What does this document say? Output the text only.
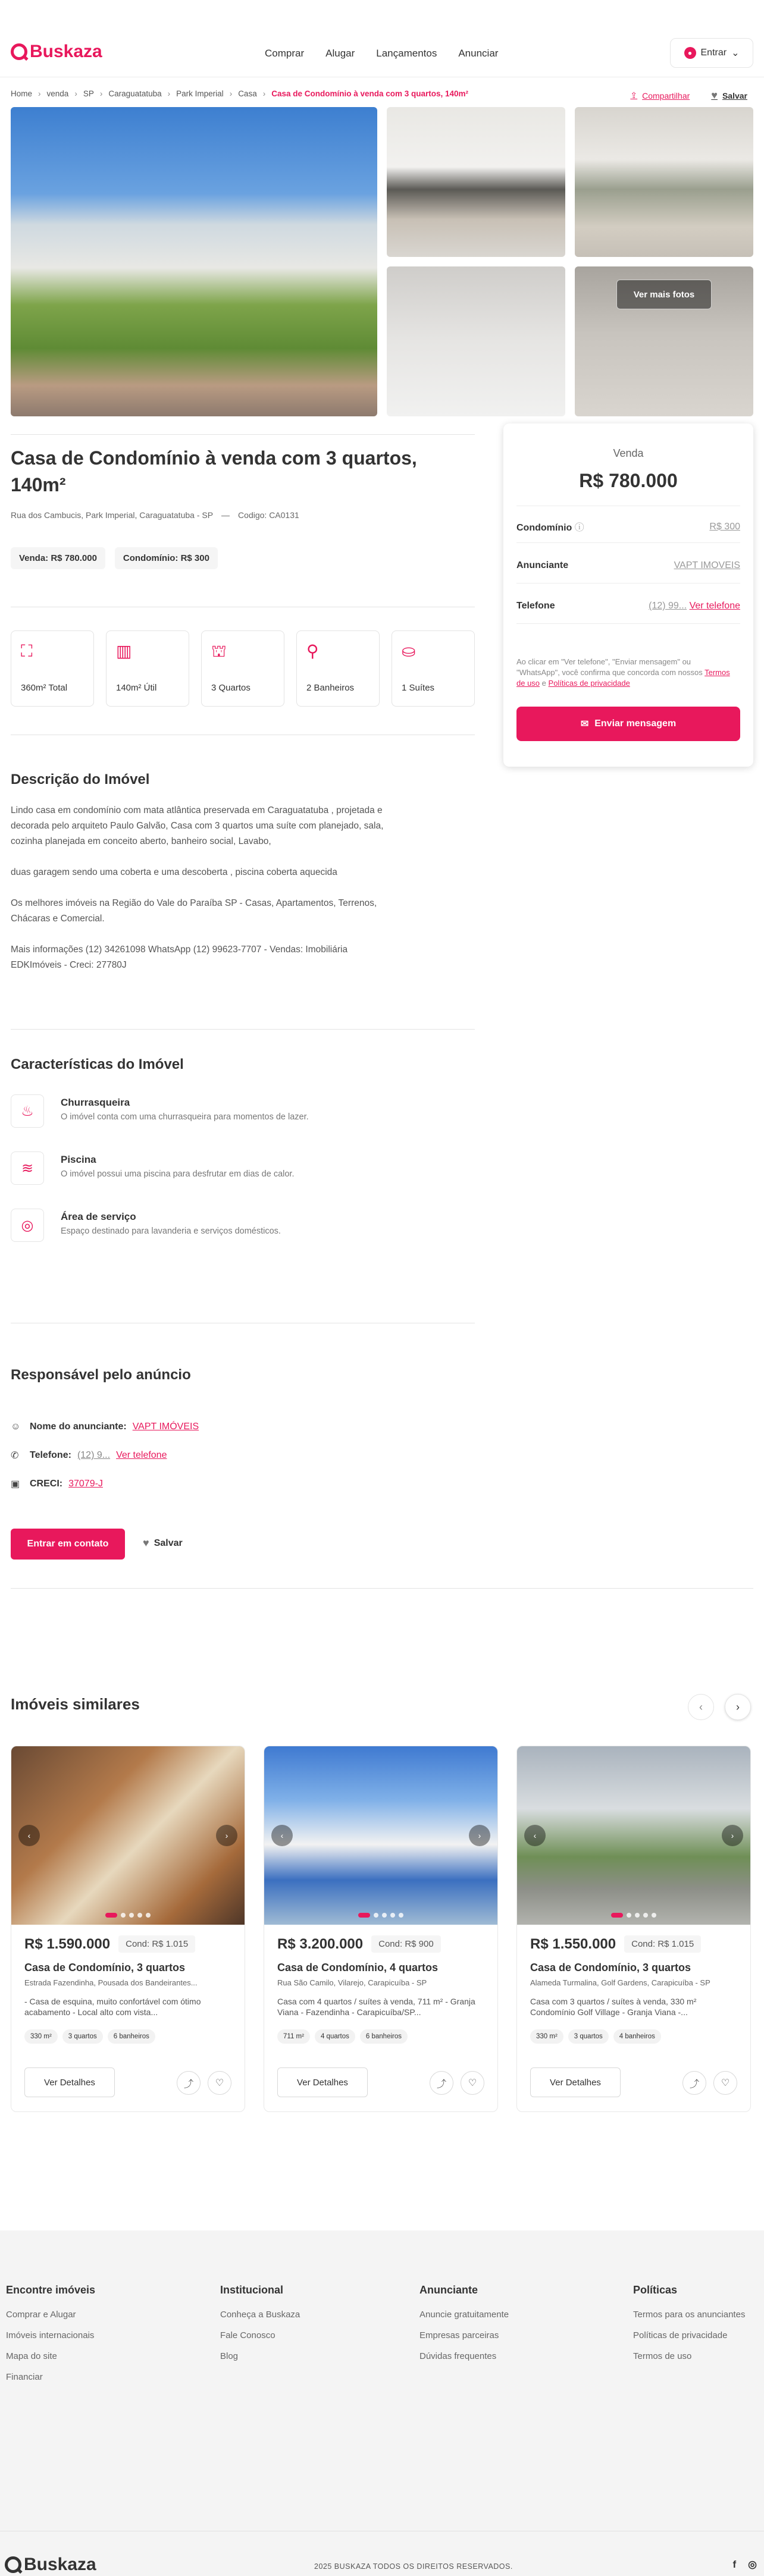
Buskaza	Comprar Alugar Lançamentos Anunciar	● Entrar ⌄
Home › venda › SP › Caraguatatuba › Park Imperial › Casa › Casa de Condomínio à venda com 3 quartos, 140m²	⇪ Compartilhar ♥ Salvar
Ver mais fotos
Casa de Condomínio à venda com 3 quartos, 140m²
Rua dos Cambucis, Park Imperial, Caraguatatuba - SP — Codigo: CA0131
Venda: R$ 780.000	Condomínio: R$ 300
⛶
360m² Total
▥
140m² Útil
⛫
3 Quartos
⚲
2 Banheiros
⛀
1 Suítes
Descrição do Imóvel

Lindo casa em condomínio com mata atlântica preservada em Caraguatatuba , projetada e decorada pelo arquiteto Paulo Galvão, Casa com 3 quartos uma suíte com planejado, sala, cozinha planejada em conceito aberto, banheiro social, Lavabo,

duas garagem sendo uma coberta e uma descoberta , piscina coberta aquecida

Os melhores imóveis na Região do Vale do Paraíba SP - Casas, Apartamentos, Terrenos, Chácaras e Comercial.

Mais informações (12) 34261098 WhatsApp (12) 99623-7707 - Vendas: Imobiliária EDKImóveis - Creci: 27780J

Características do Imóvel
♨
Churrasqueira
O imóvel conta com uma churrasqueira para momentos de lazer.
≋
Piscina
O imóvel possui uma piscina para desfrutar em dias de calor.
◎
Área de serviço
Espaço destinado para lavanderia e serviços domésticos.
Responsável pelo anúncio
☺ Nome do anunciante: VAPT IMÓVEIS
✆	Telefone: (12) 9... Ver telefone
▣	CRECI: 37079-J
Entrar em contato	♥ Salvar
Venda
R$ 780.000
Condomínio ⓘ	R$ 300
Anunciante	VAPT IMOVEIS
Telefone	(12) 99... Ver telefone
Ao clicar em "Ver telefone", "Enviar mensagem" ou "WhatsApp", você confirma que concorda com nossos Termos de uso e Políticas de privacidade
✉ Enviar mensagem
Imóveis similares	‹	›
‹	›
R$ 1.590.000	Cond: R$ 1.015
Casa de Condomínio, 3 quartos
Estrada Fazendinha, Pousada dos Bandeirantes...
- Casa de esquina, muito confortável com ótimo acabamento - Local alto com vista...
330 m²	3 quartos	6 banheiros
Ver Detalhes	⤴	♡
‹	›
R$ 3.200.000	Cond: R$ 900
Casa de Condomínio, 4 quartos
Rua São Camilo, Vilarejo, Carapicuíba - SP
Casa com 4 quartos / suítes à venda, 711 m² - Granja Viana - Fazendinha - Carapicuíba/SP...
711 m²	4 quartos	6 banheiros
Ver Detalhes	⤴	♡
‹	›
R$ 1.550.000	Cond: R$ 1.015
Casa de Condomínio, 3 quartos
Alameda Turmalina, Golf Gardens, Carapicuíba - SP
Casa com 3 quartos / suítes à venda, 330 m² Condomínio Golf Village - Granja Viana -...
330 m²	3 quartos	4 banheiros
Ver Detalhes	⤴	♡
Encontre imóveis
Comprar e Alugar
Imóveis internacionais
Mapa do site
Financiar
Institucional
Conheça a Buskaza
Fale Conosco
Blog
Anunciante
Anuncie gratuitamente
Empresas parceiras
Dúvidas frequentes
Políticas
Termos para os anunciantes
Políticas de privacidade
Termos de uso
Buskaza	2025 BUSKAZA TODOS OS DIREITOS RESERVADOS.	f ◎
